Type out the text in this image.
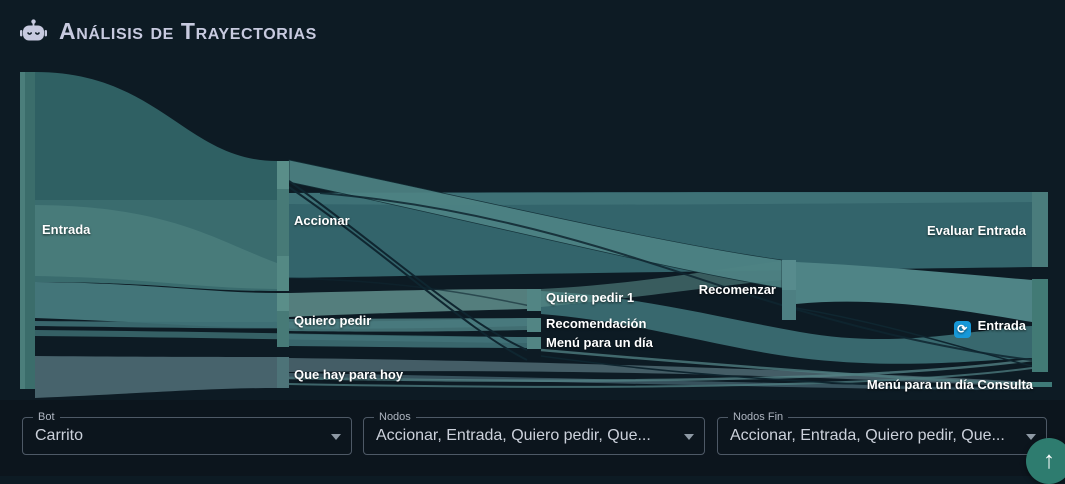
Análisis de Trayectorias
Entrada
Accionar
Quiero pedir
Que hay para hoy
Quiero pedir 1
Recomendación
Menú para un día
Recomenzar
Evaluar Entrada
⟳ Entrada
Menú para un día Consulta
Bot
Carrito
Nodos
Accionar, Entrada, Quiero pedir, Que...
Nodos Fin
Accionar, Entrada, Quiero pedir, Que...
↑
